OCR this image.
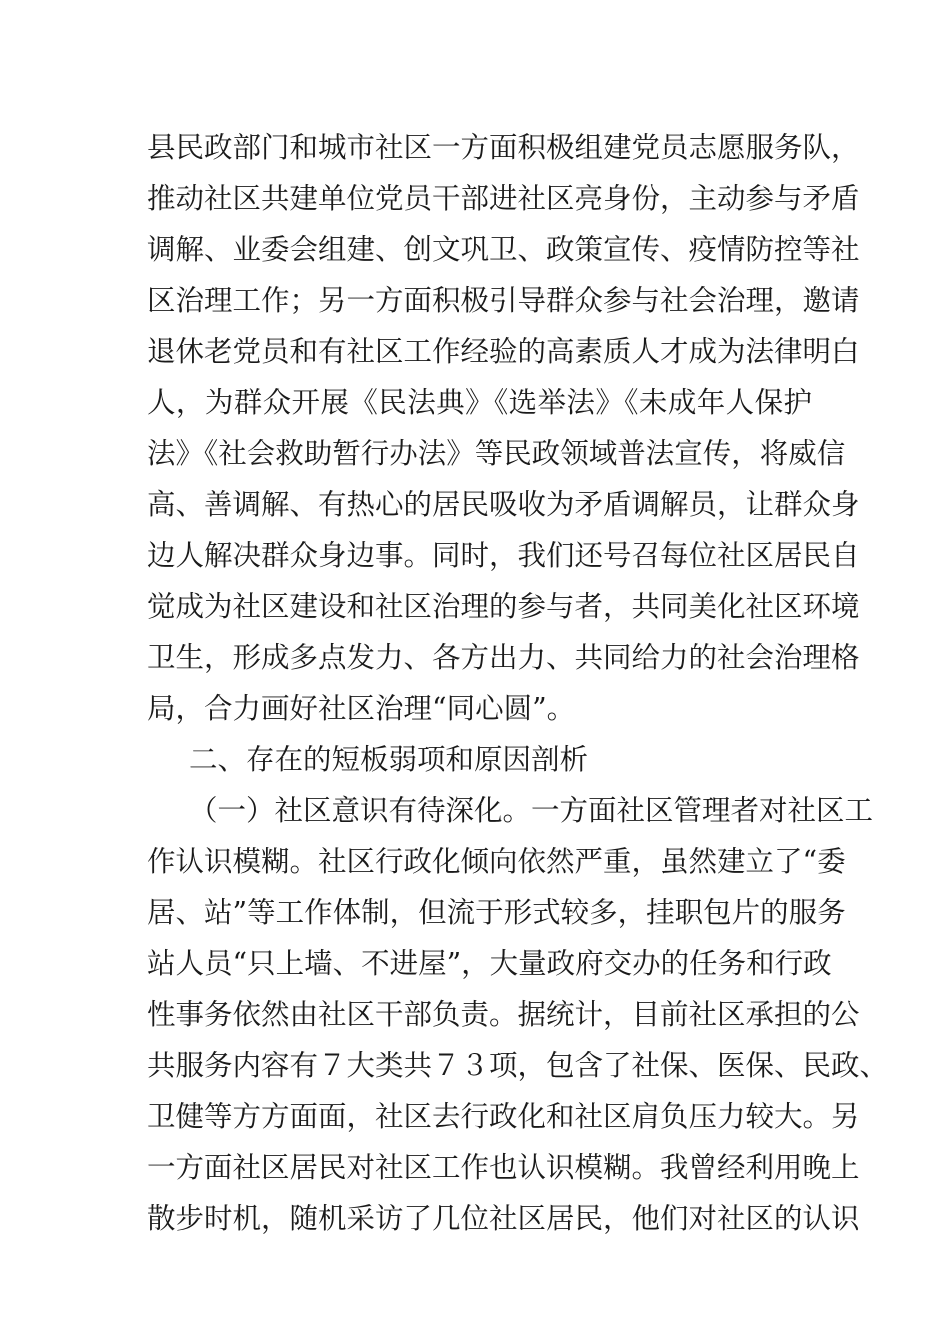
县民政部门和城市社区一方面积极组建党员志愿服务队，
推动社区共建单位党员干部进社区亮身份，主动参与矛盾
调解、业委会组建、创文巩卫、政策宣传、疫情防控等社
区治理工作；另一方面积极引导群众参与社会治理，邀请
退休老党员和有社区工作经验的高素质人才成为法律明白
人，为群众开展《民法典》《选举法》《未成年人保护
法》《社会救助暂行办法》等民政领域普法宣传，将威信
高、善调解、有热心的居民吸收为矛盾调解员，让群众身
边人解决群众身边事。同时，我们还号召每位社区居民自
觉成为社区建设和社区治理的参与者，共同美化社区环境
卫生，形成多点发力、各方出力、共同给力的社会治理格
局，合力画好社区治理“同心圆”。
二、存在的短板弱项和原因剖析
（一）社区意识有待深化。一方面社区管理者对社区工
作认识模糊。社区行政化倾向依然严重，虽然建立了“委
居、站”等工作体制，但流于形式较多，挂职包片的服务
站人员“只上墙、不进屋”，大量政府交办的任务和行政
性事务依然由社区干部负责。据统计，目前社区承担的公
共服务内容有７大类共７３项，包含了社保、医保、民政、
卫健等方方面面，社区去行政化和社区肩负压力较大。另
一方面社区居民对社区工作也认识模糊。我曾经利用晚上
散步时机，随机采访了几位社区居民，他们对社区的认识
